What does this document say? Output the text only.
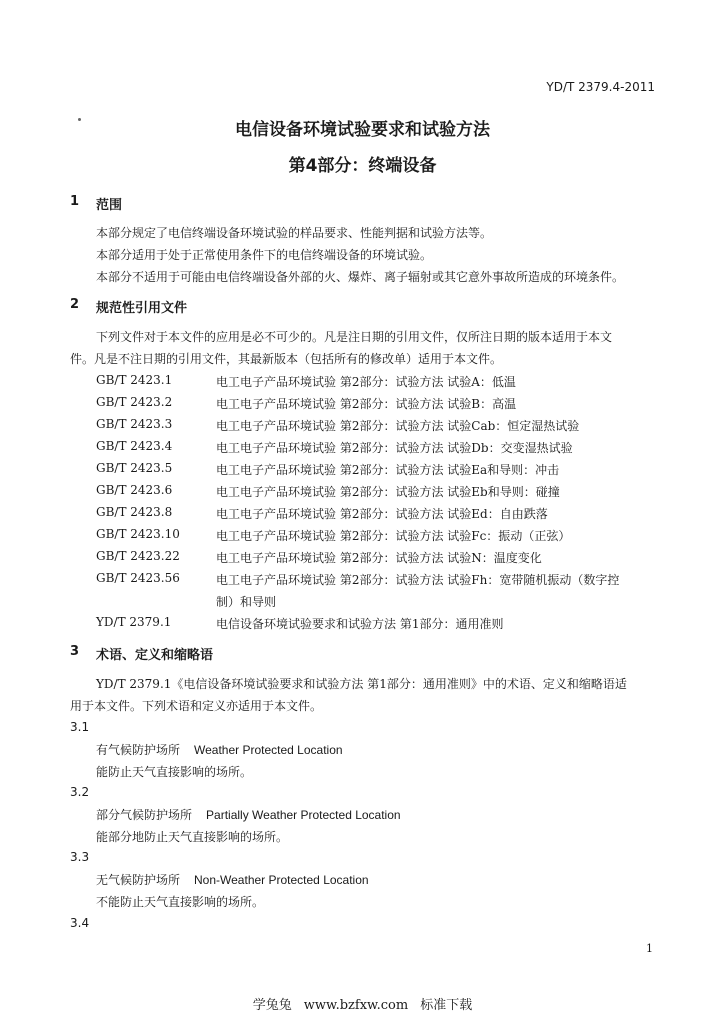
YD/T 2379.4-2011
电信设备环境试验要求和试验方法
第4部分：终端设备
1 范围
本部分规定了电信终端设备环境试验的样品要求、性能判据和试验方法等。
本部分适用于处于正常使用条件下的电信终端设备的环境试验。
本部分不适用于可能由电信终端设备外部的火、爆炸、离子辐射或其它意外事故所造成的环境条件。
2 规范性引用文件
下列文件对于本文件的应用是必不可少的。凡是注日期的引用文件，仅所注日期的版本适用于本文
件。凡是不注日期的引用文件，其最新版本（包括所有的修改单）适用于本文件。
GB/T 2423.1	电工电子产品环境试验 第2部分：试验方法 试验A：低温
GB/T 2423.2	电工电子产品环境试验 第2部分：试验方法 试验B：高温
GB/T 2423.3	电工电子产品环境试验 第2部分：试验方法 试验Cab：恒定湿热试验
GB/T 2423.4	电工电子产品环境试验 第2部分：试验方法 试验Db：交变湿热试验
GB/T 2423.5	电工电子产品环境试验 第2部分：试验方法 试验Ea和导则：冲击
GB/T 2423.6	电工电子产品环境试验 第2部分：试验方法 试验Eb和导则：碰撞
GB/T 2423.8	电工电子产品环境试验 第2部分：试验方法 试验Ed：自由跌落
GB/T 2423.10	电工电子产品环境试验 第2部分：试验方法 试验Fc：振动（正弦）
GB/T 2423.22	电工电子产品环境试验 第2部分：试验方法 试验N：温度变化
GB/T 2423.56	电工电子产品环境试验 第2部分：试验方法 试验Fh：宽带随机振动（数字控
制）和导则
YD/T 2379.1	电信设备环境试验要求和试验方法 第1部分：通用准则
3 术语、定义和缩略语
YD/T 2379.1《电信设备环境试验要求和试验方法 第1部分：通用准则》中的术语、定义和缩略语适
用于本文件。下列术语和定义亦适用于本文件。
3.1
有气候防护场所 Weather Protected Location
能防止天气直接影响的场所。
3.2
部分气候防护场所 Partially Weather Protected Location
能部分地防止天气直接影响的场所。
3.3
无气候防护场所 Non-Weather Protected Location
不能防止天气直接影响的场所。
3.4
1
学兔兔 www.bzfxw.com 标准下载
